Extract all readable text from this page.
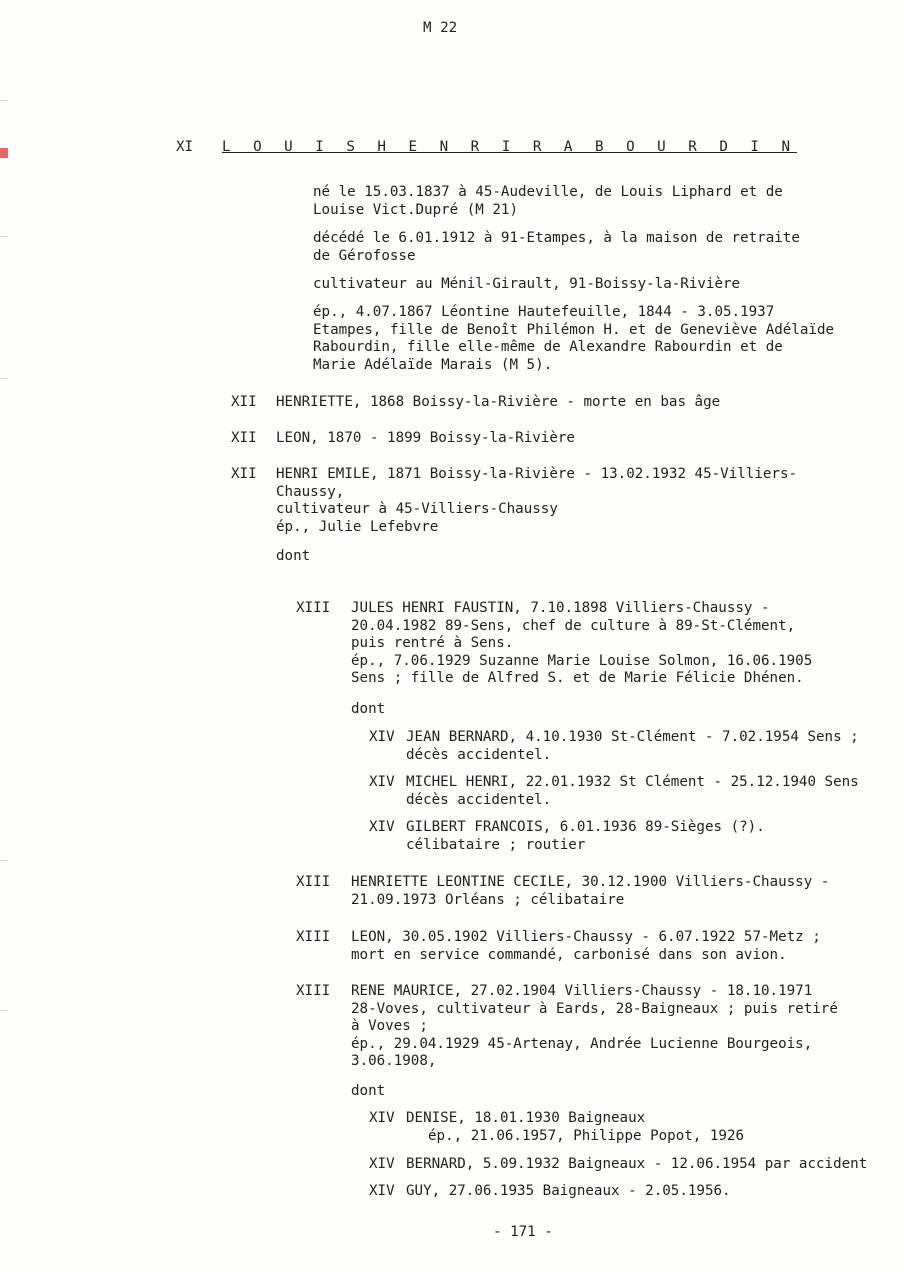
M 22
XI L O U I S H E N R I R A B O U R D I N
né le 15.03.1837 à 45-Audeville, de Louis Liphard et de
Louise Vict.Dupré (M 21)
décédé le 6.01.1912 à 91-Etampes, à la maison de retraite
de Gérofosse
cultivateur au Ménil-Girault, 91-Boissy-la-Rivière
ép., 4.07.1867 Léontine Hautefeuille, 1844 - 3.05.1937
Etampes, fille de Benoît Philémon H. et de Geneviève Adélaïde
Rabourdin, fille elle-même de Alexandre Rabourdin et de
Marie Adélaïde Marais (M 5).
XII HENRIETTE, 1868 Boissy-la-Rivière - morte en bas âge
XII LEON, 1870 - 1899 Boissy-la-Rivière
XII HENRI EMILE, 1871 Boissy-la-Rivière - 13.02.1932 45-Villiers-
Chaussy,
cultivateur à 45-Villiers-Chaussy
ép., Julie Lefebvre
dont
XIII JULES HENRI FAUSTIN, 7.10.1898 Villiers-Chaussy -
20.04.1982 89-Sens, chef de culture à 89-St-Clément,
puis rentré à Sens.
ép., 7.06.1929 Suzanne Marie Louise Solmon, 16.06.1905
Sens ; fille de Alfred S. et de Marie Félicie Dhénen.
dont
XIV JEAN BERNARD, 4.10.1930 St-Clément - 7.02.1954 Sens ;
décès accidentel.
XIV MICHEL HENRI, 22.01.1932 St Clément - 25.12.1940 Sens
décès accidentel.
XIV GILBERT FRANCOIS, 6.01.1936 89-Sièges (?).
célibataire ; routier
XIII HENRIETTE LEONTINE CECILE, 30.12.1900 Villiers-Chaussy -
21.09.1973 Orléans ; célibataire
XIII LEON, 30.05.1902 Villiers-Chaussy - 6.07.1922 57-Metz ;
mort en service commandé, carbonisé dans son avion.
XIII RENE MAURICE, 27.02.1904 Villiers-Chaussy - 18.10.1971
28-Voves, cultivateur à Eards, 28-Baigneaux ; puis retiré
à Voves ;
ép., 29.04.1929 45-Artenay, Andrée Lucienne Bourgeois,
3.06.1908,
dont
XIV DENISE, 18.01.1930 Baigneaux
ép., 21.06.1957, Philippe Popot, 1926
XIV BERNARD, 5.09.1932 Baigneaux - 12.06.1954 par accident
XIV GUY, 27.06.1935 Baigneaux - 2.05.1956.
- 171 -
